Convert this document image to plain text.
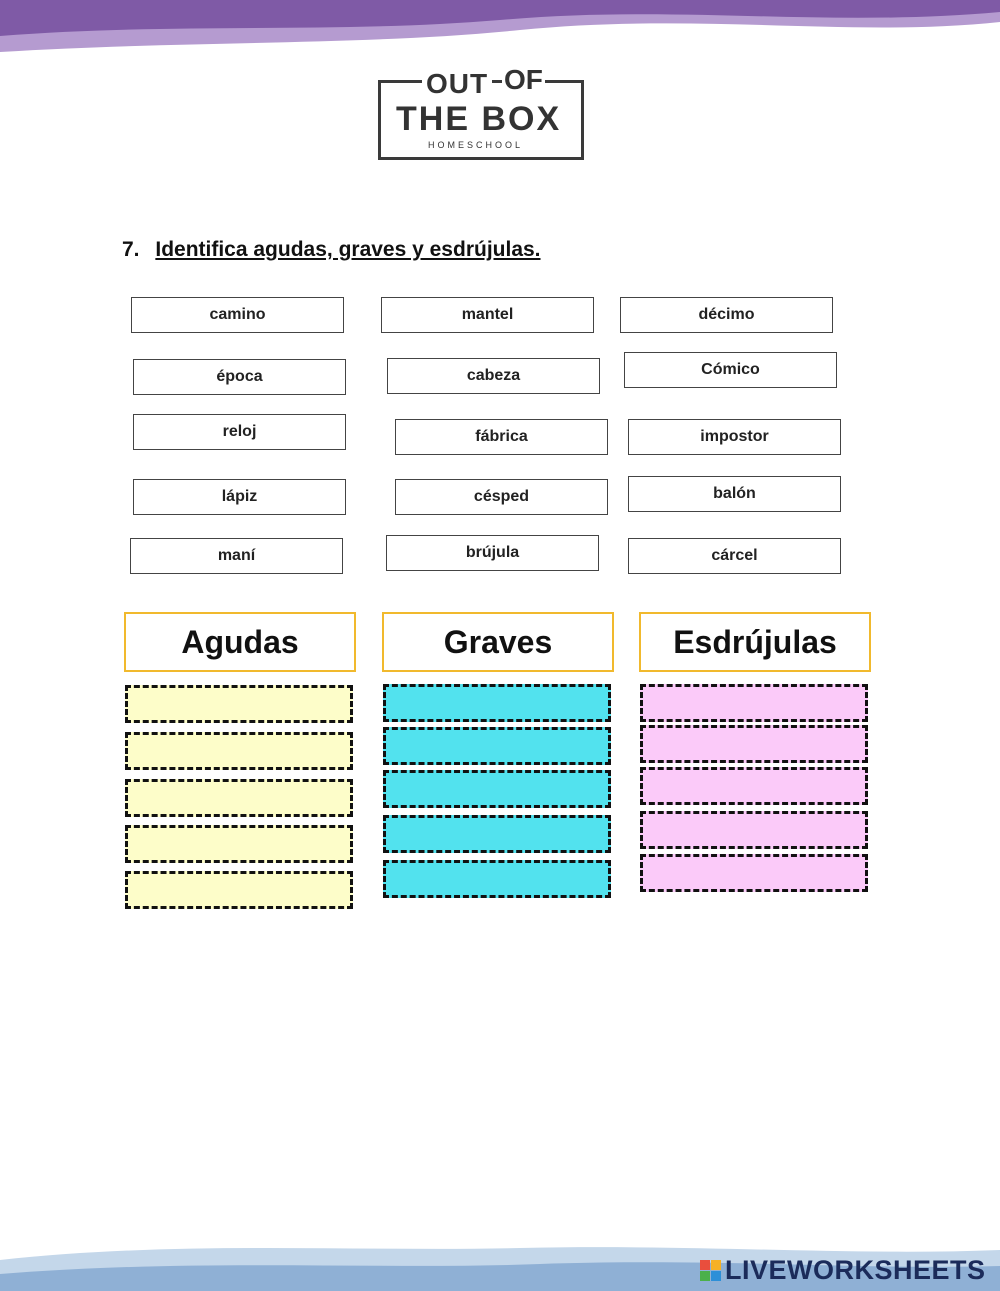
OUT OF
THE BOX
HOMESCHOOL
7. Identifica agudas, graves y esdrújulas.
camino	mantel	décimo
época	cabeza	Cómico
reloj	fábrica	impostor
lápiz	césped	balón
maní	brújula	cárcel
Agudas	Graves	Esdrújulas
LIVEWORKSHEETS
